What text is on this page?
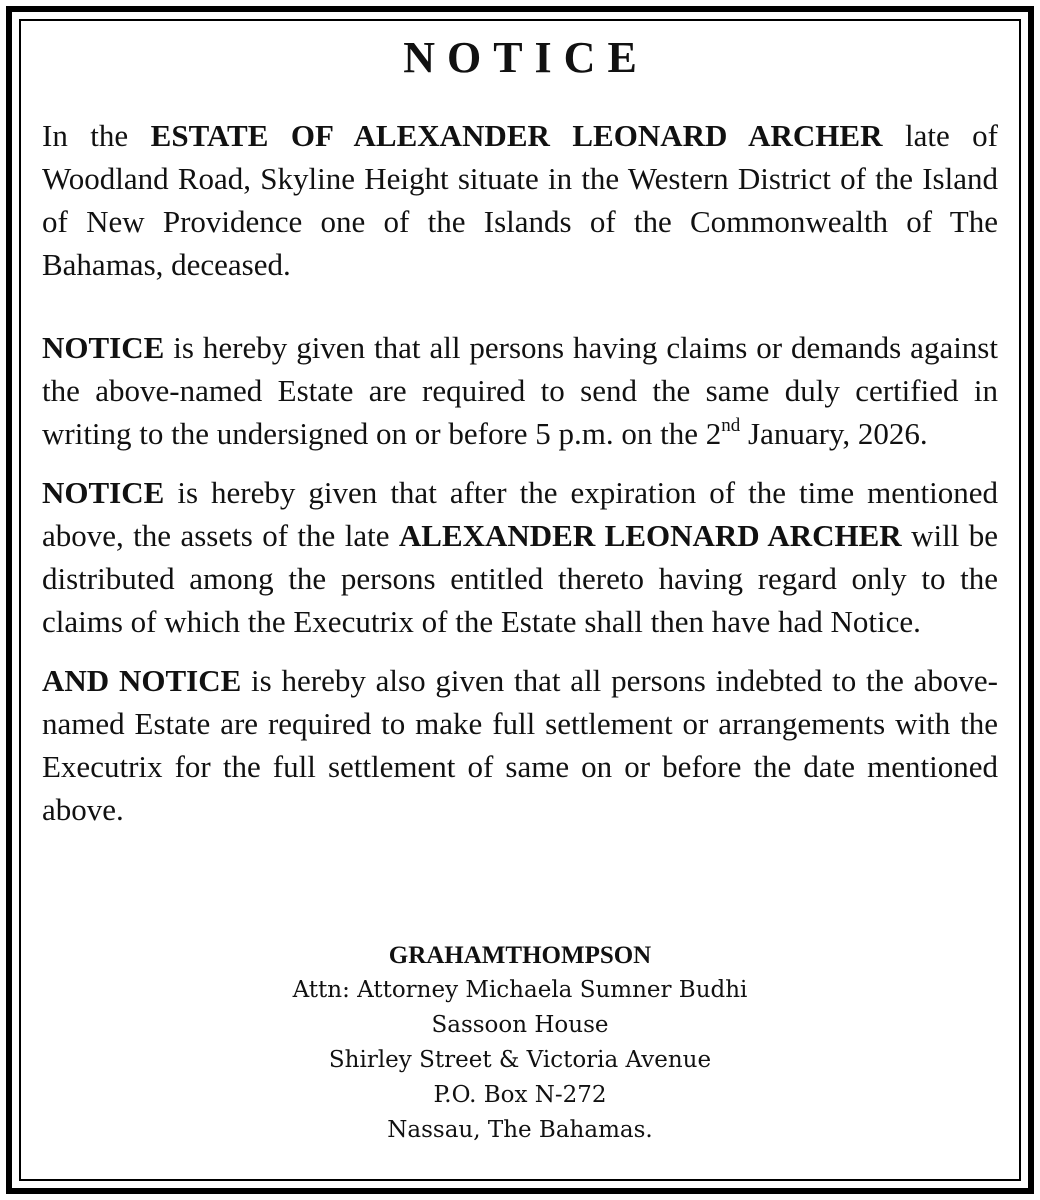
NOTICE

In the ESTATE OF ALEXANDER LEONARD ARCHER late of Woodland Road, Skyline Height situate in the Western District of the Island of New Providence one of the Islands of the Commonwealth of The Bahamas, deceased.

NOTICE is hereby given that all persons having claims or demands against the above-named Estate are required to send the same duly certified in writing to the undersigned on or before 5 p.m. on the 2nd January, 2026.

NOTICE is hereby given that after the expiration of the time mentioned above, the assets of the late ALEXANDER LEONARD ARCHER will be distributed among the persons entitled thereto having regard only to the claims of which the Executrix of the Estate shall then have had Notice.

AND NOTICE is hereby also given that all persons indebted to the above-named Estate are required to make full settlement or arrangements with the Executrix for the full settlement of same on or before the date mentioned above.

GRAHAMTHOMPSON
Attn: Attorney Michaela Sumner Budhi
Sassoon House
Shirley Street & Victoria Avenue
P.O. Box N-272
Nassau, The Bahamas.
